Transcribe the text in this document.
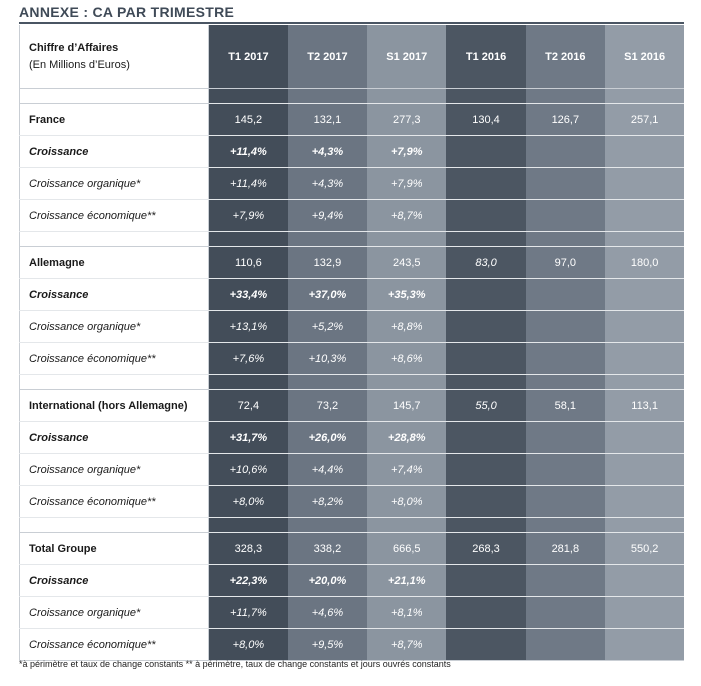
ANNEXE : CA PAR TRIMESTRE
Chiffre d’Affaires
(En Millions d’Euros)	T1 2017	T2 2017	S1 2017	T1 2016	T2 2016	S1 2016

France	145,2	132,1	277,3	130,4	126,7	257,1
Croissance	+11,4%	+4,3%	+7,9%			
Croissance organique*	+11,4%	+4,3%	+7,9%			
Croissance économique**	+7,9%	+9,4%	+8,7%			

Allemagne	110,6	132,9	243,5	83,0	97,0	180,0
Croissance	+33,4%	+37,0%	+35,3%			
Croissance organique*	+13,1%	+5,2%	+8,8%			
Croissance économique**	+7,6%	+10,3%	+8,6%			

International (hors Allemagne)	72,4	73,2	145,7	55,0	58,1	113,1
Croissance	+31,7%	+26,0%	+28,8%			
Croissance organique*	+10,6%	+4,4%	+7,4%			
Croissance économique**	+8,0%	+8,2%	+8,0%			

Total Groupe	328,3	338,2	666,5	268,3	281,8	550,2
Croissance	+22,3%	+20,0%	+21,1%			
Croissance organique*	+11,7%	+4,6%	+8,1%			
Croissance économique**	+8,0%	+9,5%	+8,7%			
*à périmètre et taux de change constants ** à périmètre, taux de change constants et jours ouvrés constants
